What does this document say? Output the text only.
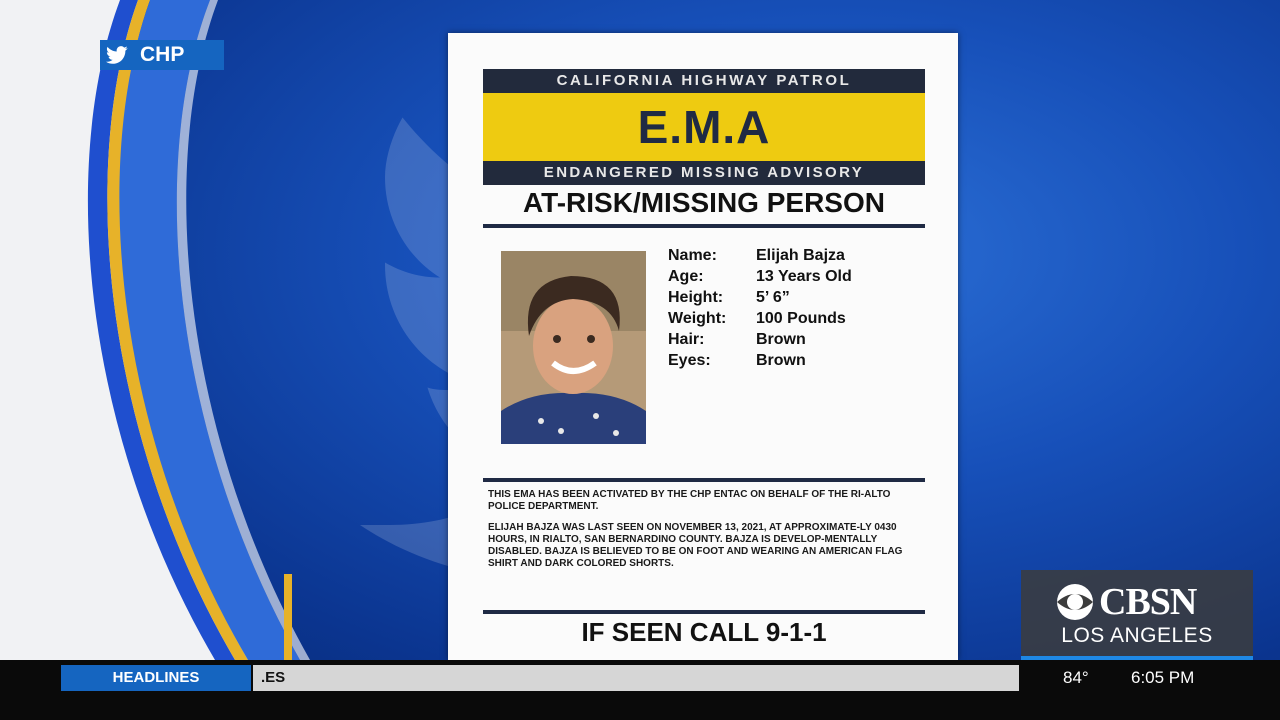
CHP
CALIFORNIA HIGHWAY PATROL
E.M.A
ENDANGERED MISSING ADVISORY
AT-RISK/MISSING PERSON
Name:	Elijah Bajza
Age:	13 Years Old
Height:	5’ 6”
Weight:	100 Pounds
Hair:	Brown
Eyes:	Brown

THIS EMA HAS BEEN ACTIVATED BY THE CHP ENTAC ON BEHALF OF THE RI-ALTO POLICE DEPARTMENT.

ELIJAH BAJZA WAS LAST SEEN ON NOVEMBER 13, 2021, AT APPROXIMATE-LY 0430 HOURS, IN RIALTO, SAN BERNARDINO COUNTY. BAJZA IS DEVELOP-MENTALLY DISABLED. BAJZA IS BELIEVED TO BE ON FOOT AND WEARING AN AMERICAN FLAG SHIRT AND DARK COLORED SHORTS.

IF SEEN CALL 9-1-1
CBSN
LOS ANGELES
HEADLINES	.ES	84° 6:05 PM
